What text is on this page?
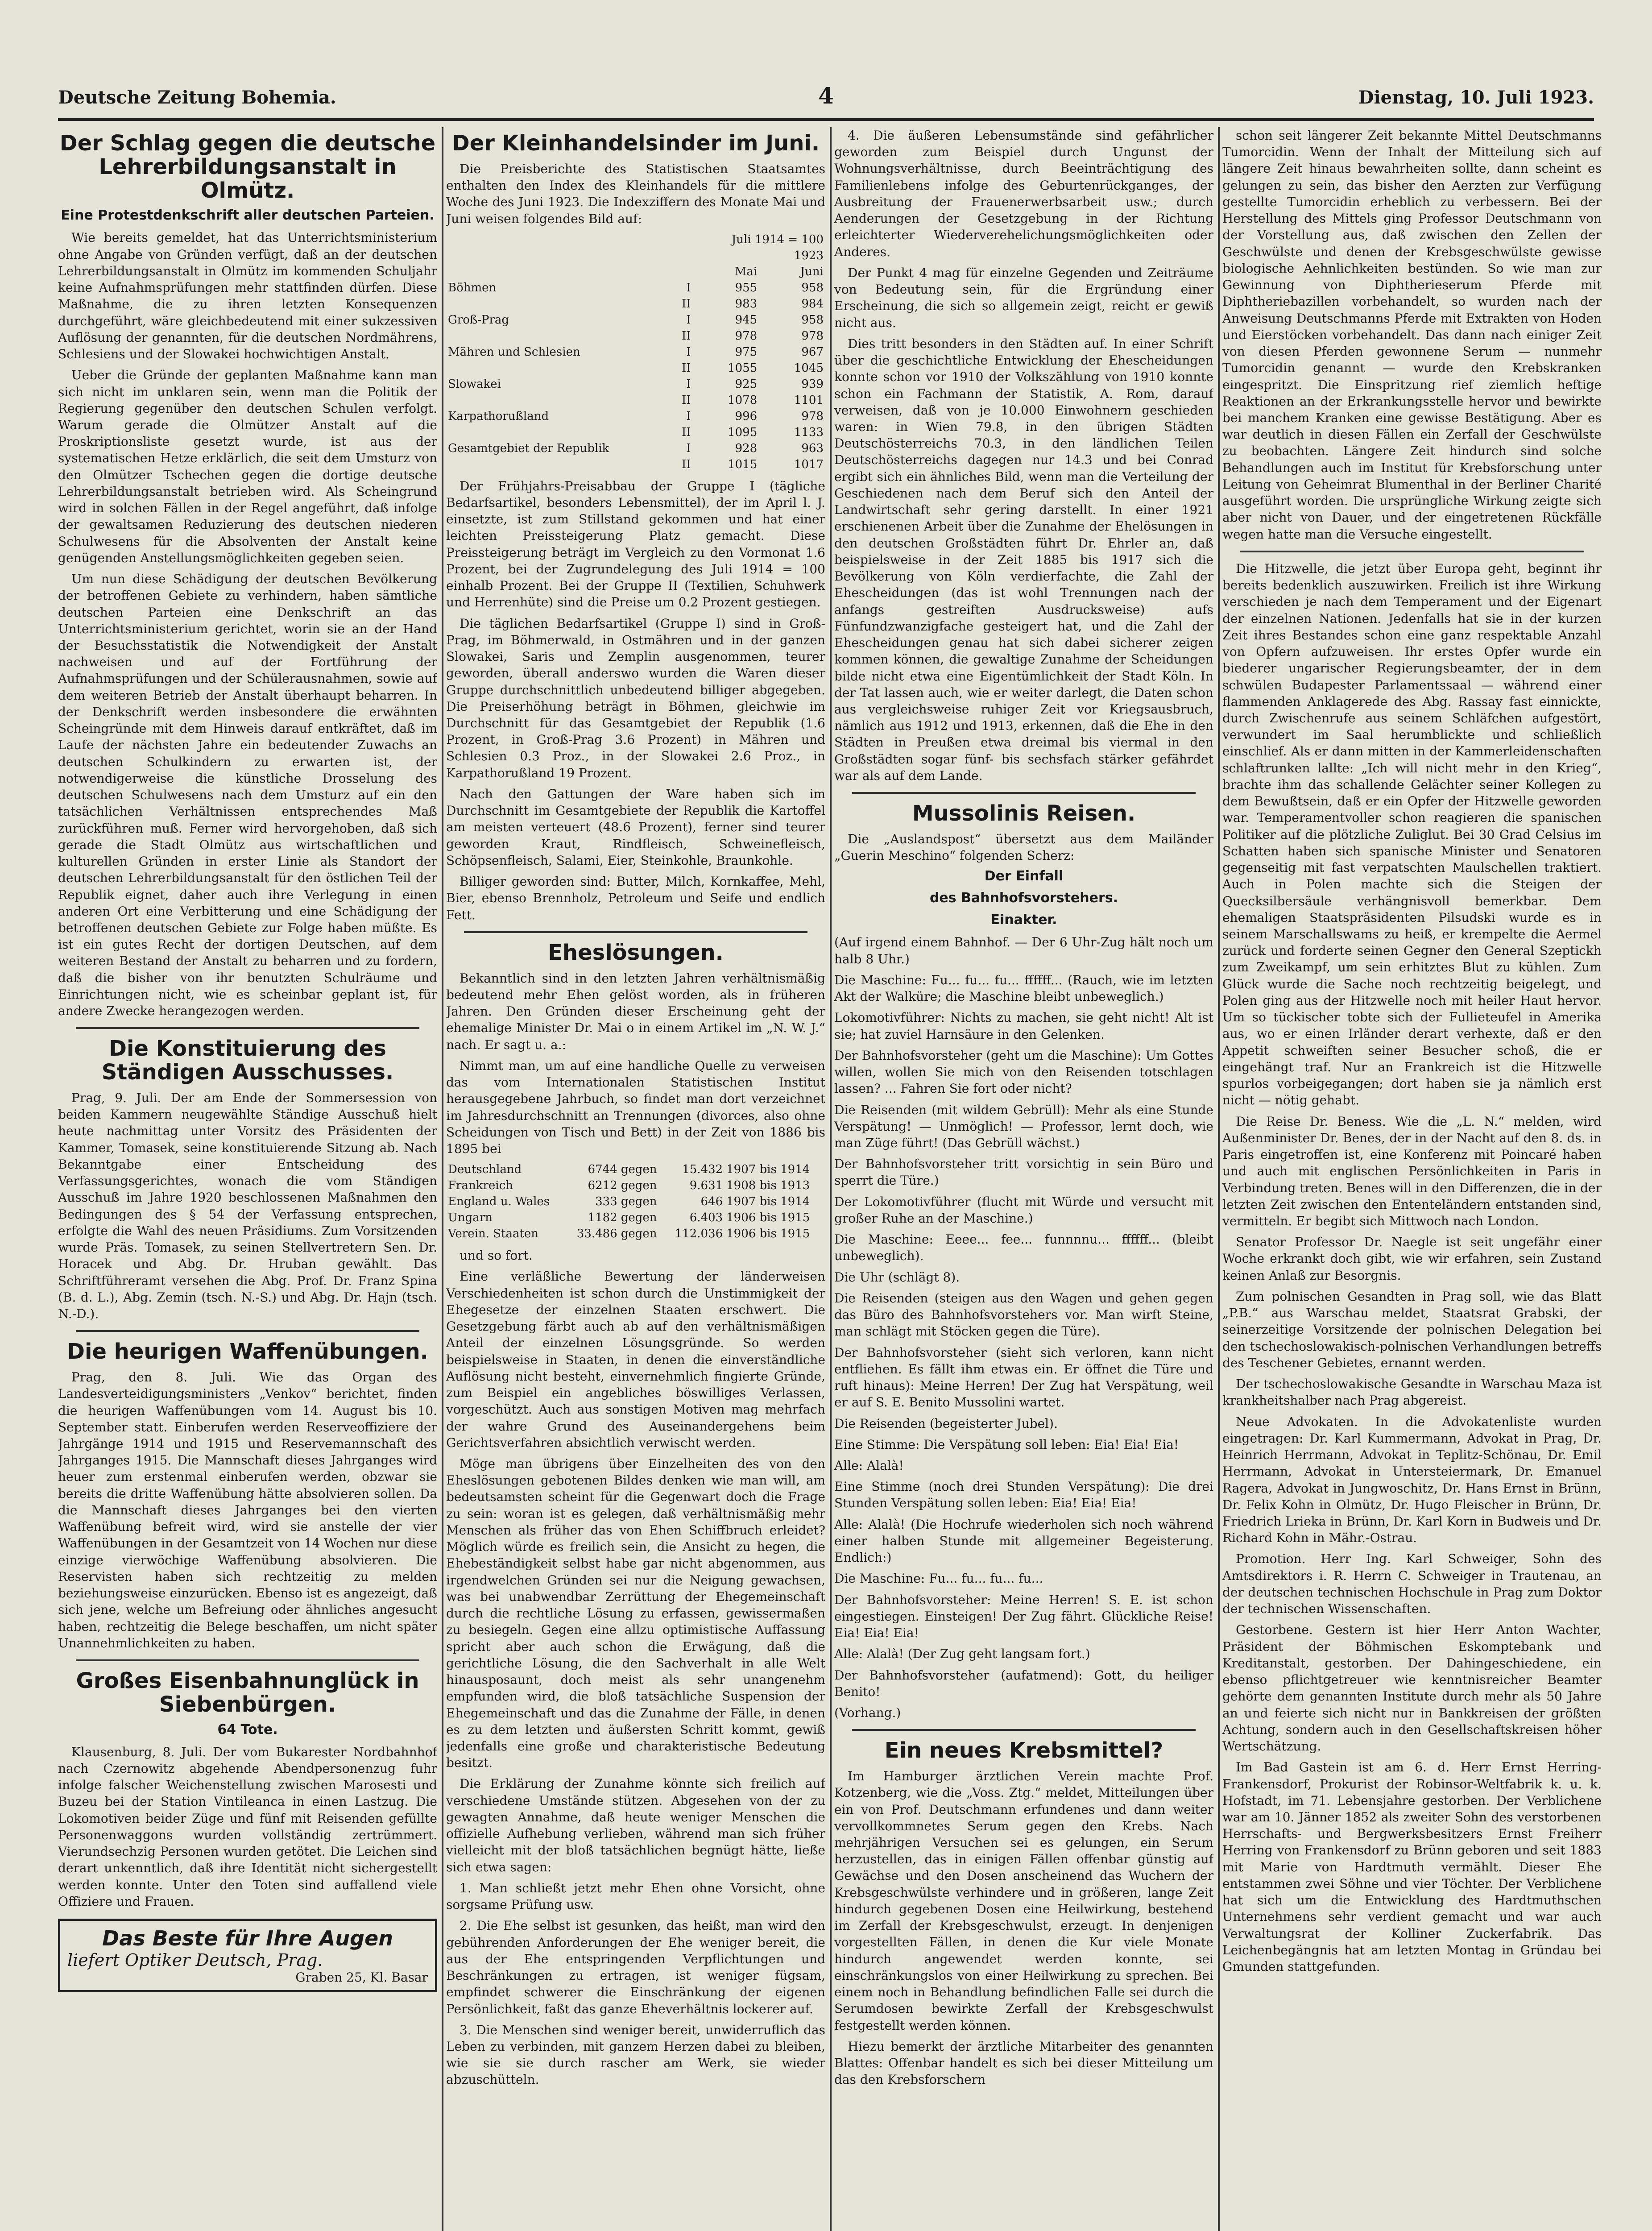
Deutsche Zeitung Bohemia.	4	Dienstag, 10. Juli 1923.
Der Schlag gegen die deutsche Lehrerbildungsanstalt in Olmütz.
Eine Protestdenkschrift aller deutschen Parteien.

Wie bereits gemeldet, hat das Unterrichtsministerium ohne Angabe von Gründen verfügt, daß an der deutschen Lehrerbildungsanstalt in Olmütz im kommenden Schuljahr keine Aufnahmsprüfungen mehr stattfinden dürfen. Diese Maßnahme, die zu ihren letzten Konsequenzen durchgeführt, wäre gleichbedeutend mit einer sukzessiven Auflösung der genannten, für die deutschen Nordmährens, Schlesiens und der Slowakei hochwichtigen Anstalt.

Ueber die Gründe der geplanten Maßnahme kann man sich nicht im unklaren sein, wenn man die Politik der Regierung gegenüber den deutschen Schulen verfolgt. Warum gerade die Olmützer Anstalt auf die Proskriptionsliste gesetzt wurde, ist aus der systematischen Hetze erklärlich, die seit dem Umsturz von den Olmützer Tschechen gegen die dortige deutsche Lehrerbildungsanstalt betrieben wird. Als Scheingrund wird in solchen Fällen in der Regel angeführt, daß infolge der gewaltsamen Reduzierung des deutschen niederen Schulwesens für die Absolventen der Anstalt keine genügenden Anstellungsmöglichkeiten gegeben seien.

Um nun diese Schädigung der deutschen Bevölkerung der betroffenen Gebiete zu verhindern, haben sämtliche deutschen Parteien eine Denkschrift an das Unterrichtsministerium gerichtet, worin sie an der Hand der Besuchsstatistik die Notwendigkeit der Anstalt nachweisen und auf der Fortführung der Aufnahmsprüfungen und der Schülerausnahmen, sowie auf dem weiteren Betrieb der Anstalt überhaupt beharren. In der Denkschrift werden insbesondere die erwähnten Scheingründe mit dem Hinweis darauf entkräftet, daß im Laufe der nächsten Jahre ein bedeutender Zuwachs an deutschen Schulkindern zu erwarten ist, der notwendigerweise die künstliche Drosselung des deutschen Schulwesens nach dem Umsturz auf ein den tatsächlichen Verhältnissen entsprechendes Maß zurückführen muß. Ferner wird hervorgehoben, daß sich gerade die Stadt Olmütz aus wirtschaftlichen und kulturellen Gründen in erster Linie als Standort der deutschen Lehrerbildungsanstalt für den östlichen Teil der Republik eignet, daher auch ihre Verlegung in einen anderen Ort eine Verbitterung und eine Schädigung der betroffenen deutschen Gebiete zur Folge haben müßte. Es ist ein gutes Recht der dortigen Deutschen, auf dem weiteren Bestand der Anstalt zu beharren und zu fordern, daß die bisher von ihr benutzten Schulräume und Einrichtungen nicht, wie es scheinbar geplant ist, für andere Zwecke herangezogen werden.

Die Konstituierung des Ständigen Ausschusses.

Prag, 9. Juli. Der am Ende der Sommersession von beiden Kammern neugewählte Ständige Ausschuß hielt heute nachmittag unter Vorsitz des Präsidenten der Kammer, Tomasek, seine konstituierende Sitzung ab. Nach Bekanntgabe einer Entscheidung des Verfassungsgerichtes, wonach die vom Ständigen Ausschuß im Jahre 1920 beschlossenen Maßnahmen den Bedingungen des § 54 der Verfassung entsprechen, erfolgte die Wahl des neuen Präsidiums. Zum Vorsitzenden wurde Präs. Tomasek, zu seinen Stellvertretern Sen. Dr. Horacek und Abg. Dr. Hruban gewählt. Das Schriftführeramt versehen die Abg. Prof. Dr. Franz Spina (B. d. L.), Abg. Zemin (tsch. N.-S.) und Abg. Dr. Hajn (tsch. N.-D.).

Die heurigen Waffenübungen.

Prag, den 8. Juli. Wie das Organ des Landesverteidigungsministers „Venkov“ berichtet, finden die heurigen Waffenübungen vom 14. August bis 10. September statt. Einberufen werden Reserveoffiziere der Jahrgänge 1914 und 1915 und Reservemannschaft des Jahrganges 1915. Die Mannschaft dieses Jahrganges wird heuer zum erstenmal einberufen werden, obzwar sie bereits die dritte Waffenübung hätte absolvieren sollen. Da die Mannschaft dieses Jahrganges bei den vierten Waffenübung befreit wird, wird sie anstelle der vier Waffenübungen in der Gesamtzeit von 14 Wochen nur diese einzige vierwöchige Waffenübung absolvieren. Die Reservisten haben sich rechtzeitig zu melden beziehungsweise einzurücken. Ebenso ist es angezeigt, daß sich jene, welche um Befreiung oder ähnliches angesucht haben, rechtzeitig die Belege beschaffen, um nicht später Unannehmlichkeiten zu haben.

Großes Eisenbahnunglück in Siebenbürgen.
64 Tote.

Klausenburg, 8. Juli. Der vom Bukarester Nordbahnhof nach Czernowitz abgehende Abendpersonenzug fuhr infolge falscher Weichenstellung zwischen Marosesti und Buzeu bei der Station Vintileanca in einen Lastzug. Die Lokomotiven beider Züge und fünf mit Reisenden gefüllte Personenwaggons wurden vollständig zertrümmert. Vierundsechzig Personen wurden getötet. Die Leichen sind derart unkenntlich, daß ihre Identität nicht sichergestellt werden konnte. Unter den Toten sind auffallend viele Offiziere und Frauen.

Das Beste für Ihre Augen
liefert Optiker Deutsch, Prag.
Graben 25, Kl. Basar
Der Kleinhandelsinder im Juni.

Die Preisberichte des Statistischen Staatsamtes enthalten den Index des Kleinhandels für die mittlere Woche des Juni 1923. Die Indexziffern des Monate Mai und Juni weisen folgendes Bild auf:

		Juli 1914 = 100	
		1923	
		Mai	Juni
Böhmen	I	955	958
	II	983	984
Groß-Prag	I	945	958
	II	978	978
Mähren und Schlesien	I	975	967
	II	1055	1045
Slowakei	I	925	939
	II	1078	1101
Karpathorußland	I	996	978
	II	1095	1133
Gesamtgebiet der Republik	I	928	963
	II	1015	1017

Der Frühjahrs-Preisabbau der Gruppe I (tägliche Bedarfsartikel, besonders Lebensmittel), der im April l. J. einsetzte, ist zum Stillstand gekommen und hat einer leichten Preissteigerung Platz gemacht. Diese Preissteigerung beträgt im Vergleich zu den Vormonat 1.6 Prozent, bei der Zugrundelegung des Juli 1914 = 100 einhalb Prozent. Bei der Gruppe II (Textilien, Schuhwerk und Herrenhüte) sind die Preise um 0.2 Prozent gestiegen.

Die täglichen Bedarfsartikel (Gruppe I) sind in Groß-Prag, im Böhmerwald, in Ostmähren und in der ganzen Slowakei, Saris und Zemplin ausgenommen, teurer geworden, überall anderswo wurden die Waren dieser Gruppe durchschnittlich unbedeutend billiger abgegeben. Die Preiserhöhung beträgt in Böhmen, gleichwie im Durchschnitt für das Gesamtgebiet der Republik (1.6 Prozent, in Groß-Prag 3.6 Prozent) in Mähren und Schlesien 0.3 Proz., in der Slowakei 2.6 Proz., in Karpathorußland 19 Prozent.

Nach den Gattungen der Ware haben sich im Durchschnitt im Gesamtgebiete der Republik die Kartoffel am meisten verteuert (48.6 Prozent), ferner sind teurer geworden Kraut, Rindfleisch, Schweinefleisch, Schöpsenfleisch, Salami, Eier, Steinkohle, Braunkohle.

Billiger geworden sind: Butter, Milch, Kornkaffee, Mehl, Bier, ebenso Brennholz, Petroleum und Seife und endlich Fett.

Eheslösungen.

Bekanntlich sind in den letzten Jahren verhältnismäßig bedeutend mehr Ehen gelöst worden, als in früheren Jahren. Den Gründen dieser Erscheinung geht der ehemalige Minister Dr. Mai o in einem Artikel im „N. W. J.“ nach. Er sagt u. a.:

Nimmt man, um auf eine handliche Quelle zu verweisen das vom Internationalen Statistischen Institut herausgegebene Jahrbuch, so findet man dort verzeichnet im Jahresdurchschnitt an Trennungen (divorces, also ohne Scheidungen von Tisch und Bett) in der Zeit von 1886 bis 1895 bei

Deutschland	6744	gegen	15.432	1907 bis 1914
Frankreich	6212	gegen	9.631	1908 bis 1913
England u. Wales	333	gegen	646	1907 bis 1914
Ungarn	1182	gegen	6.403	1906 bis 1915
Verein. Staaten	33.486	gegen	112.036	1906 bis 1915

und so fort.

Eine verläßliche Bewertung der länderweisen Verschiedenheiten ist schon durch die Unstimmigkeit der Ehegesetze der einzelnen Staaten erschwert. Die Gesetzgebung färbt auch ab auf den verhältnismäßigen Anteil der einzelnen Lösungsgründe. So werden beispielsweise in Staaten, in denen die einverständliche Auflösung nicht besteht, einvernehmlich fingierte Gründe, zum Beispiel ein angebliches böswilliges Verlassen, vorgeschützt. Auch aus sonstigen Motiven mag mehrfach der wahre Grund des Auseinandergehens beim Gerichtsverfahren absichtlich verwischt werden.

Möge man übrigens über Einzelheiten des von den Eheslösungen gebotenen Bildes denken wie man will, am bedeutsamsten scheint für die Gegenwart doch die Frage zu sein: woran ist es gelegen, daß verhältnismäßig mehr Menschen als früher das von Ehen Schiffbruch erleidet? Möglich würde es freilich sein, die Ansicht zu hegen, die Ehebeständigkeit selbst habe gar nicht abgenommen, aus irgendwelchen Gründen sei nur die Neigung gewachsen, was bei unabwendbar Zerrüttung der Ehegemeinschaft durch die rechtliche Lösung zu erfassen, gewissermaßen zu besiegeln. Gegen eine allzu optimistische Auffassung spricht aber auch schon die Erwägung, daß die gerichtliche Lösung, die den Sachverhalt in alle Welt hinausposaunt, doch meist als sehr unangenehm empfunden wird, die bloß tatsächliche Suspension der Ehegemeinschaft und das die Zunahme der Fälle, in denen es zu dem letzten und äußersten Schritt kommt, gewiß jedenfalls eine große und charakteristische Bedeutung besitzt.

Die Erklärung der Zunahme könnte sich freilich auf verschiedene Umstände stützen. Abgesehen von der zu gewagten Annahme, daß heute weniger Menschen die offizielle Aufhebung verlieben, während man sich früher vielleicht mit der bloß tatsächlichen begnügt hätte, ließe sich etwa sagen:

1. Man schließt jetzt mehr Ehen ohne Vorsicht, ohne sorgsame Prüfung usw.

2. Die Ehe selbst ist gesunken, das heißt, man wird den gebührenden Anforderungen der Ehe weniger bereit, die aus der Ehe entspringenden Verpflichtungen und Beschränkungen zu ertragen, ist weniger fügsam, empfindet schwerer die Einschränkung der eigenen Persönlichkeit, faßt das ganze Eheverhältnis lockerer auf.

3. Die Menschen sind weniger bereit, unwiderruflich das Leben zu verbinden, mit ganzem Herzen dabei zu bleiben, wie sie sie durch rascher am Werk, sie wieder abzuschütteln.

4. Die äußeren Lebensumstände sind gefährlicher geworden zum Beispiel durch Ungunst der Wohnungsverhältnisse, durch Beeinträchtigung des Familienlebens infolge des Geburtenrückganges, der Ausbreitung der Frauenerwerbsarbeit usw.; durch Aenderungen der Gesetzgebung in der Richtung erleichterter Wiederverehelichungsmöglichkeiten oder Anderes.

Der Punkt 4 mag für einzelne Gegenden und Zeiträume von Bedeutung sein, für die Ergründung einer Erscheinung, die sich so allgemein zeigt, reicht er gewiß nicht aus.

Dies tritt besonders in den Städten auf. In einer Schrift über die geschichtliche Entwicklung der Ehescheidungen konnte schon vor 1910 der Volkszählung von 1910 konnte schon ein Fachmann der Statistik, A. Rom, darauf verweisen, daß von je 10.000 Einwohnern geschieden waren: in Wien 79.8, in den übrigen Städten Deutschösterreichs 70.3, in den ländlichen Teilen Deutschösterreichs dagegen nur 14.3 und bei Conrad ergibt sich ein ähnliches Bild, wenn man die Verteilung der Geschiedenen nach dem Beruf sich den Anteil der Landwirtschaft sehr gering darstellt. In einer 1921 erschienenen Arbeit über die Zunahme der Ehelösungen in den deutschen Großstädten führt Dr. Ehrler an, daß beispielsweise in der Zeit 1885 bis 1917 sich die Bevölkerung von Köln verdierfachte, die Zahl der Ehescheidungen (das ist wohl Trennungen nach der anfangs gestreiften Ausdrucksweise) aufs Fünfundzwanzigfache gesteigert hat, und die Zahl der Ehescheidungen genau hat sich dabei sicherer zeigen kommen können, die gewaltige Zunahme der Scheidungen bilde nicht etwa eine Eigentümlichkeit der Stadt Köln. In der Tat lassen auch, wie er weiter darlegt, die Daten schon aus vergleichsweise ruhiger Zeit vor Kriegsausbruch, nämlich aus 1912 und 1913, erkennen, daß die Ehe in den Städten in Preußen etwa dreimal bis viermal in den Großstädten sogar fünf- bis sechsfach stärker gefährdet war als auf dem Lande.

Mussolinis Reisen.

Die „Auslandspost“ übersetzt aus dem Mailänder „Guerin Meschino“ folgenden Scherz:

Der Einfall
des Bahnhofsvorstehers.
Einakter.

(Auf irgend einem Bahnhof. — Der 6 Uhr-Zug hält noch um halb 8 Uhr.)

Die Maschine: Fu... fu... fu... ffffff... (Rauch, wie im letzten Akt der Walküre; die Maschine bleibt unbeweglich.)

Lokomotivführer: Nichts zu machen, sie geht nicht! Alt ist sie; hat zuviel Harnsäure in den Gelenken.

Der Bahnhofsvorsteher (geht um die Maschine): Um Gottes willen, wollen Sie mich von den Reisenden totschlagen lassen? ... Fahren Sie fort oder nicht?

Die Reisenden (mit wildem Gebrüll): Mehr als eine Stunde Verspätung! — Unmöglich! — Professor, lernt doch, wie man Züge führt! (Das Gebrüll wächst.)

Der Bahnhofsvorsteher tritt vorsichtig in sein Büro und sperrt die Türe.)

Der Lokomotivführer (flucht mit Würde und versucht mit großer Ruhe an der Maschine.)

Die Maschine: Eeee... fee... funnnnu... ffffff... (bleibt unbeweglich).

Die Uhr (schlägt 8).

Die Reisenden (steigen aus den Wagen und gehen gegen das Büro des Bahnhofsvorstehers vor. Man wirft Steine, man schlägt mit Stöcken gegen die Türe).

Der Bahnhofsvorsteher (sieht sich verloren, kann nicht entfliehen. Es fällt ihm etwas ein. Er öffnet die Türe und ruft hinaus): Meine Herren! Der Zug hat Verspätung, weil er auf S. E. Benito Mussolini wartet.

Die Reisenden (begeisterter Jubel).

Eine Stimme: Die Verspätung soll leben: Eia! Eia! Eia!

Alle: Alalà!

Eine Stimme (noch drei Stunden Verspätung): Die drei Stunden Verspätung sollen leben: Eia! Eia! Eia!

Alle: Alalà! (Die Hochrufe wiederholen sich noch während einer halben Stunde mit allgemeiner Begeisterung. Endlich:)

Die Maschine: Fu... fu... fu... fu...

Der Bahnhofsvorsteher: Meine Herren! S. E. ist schon eingestiegen. Einsteigen! Der Zug fährt. Glückliche Reise! Eia! Eia! Eia!

Alle: Alalà! (Der Zug geht langsam fort.)

Der Bahnhofsvorsteher (aufatmend): Gott, du heiliger Benito!

(Vorhang.)

Ein neues Krebsmittel?

Im Hamburger ärztlichen Verein machte Prof. Kotzenberg, wie die „Voss. Ztg.“ meldet, Mitteilungen über ein von Prof. Deutschmann erfundenes und dann weiter vervollkommnetes Serum gegen den Krebs. Nach mehrjährigen Versuchen sei es gelungen, ein Serum herzustellen, das in einigen Fällen offenbar günstig auf Gewächse und den Dosen anscheinend das Wuchern der Krebsgeschwülste verhindere und in größeren, lange Zeit hindurch gegebenen Dosen eine Heilwirkung, bestehend im Zerfall der Krebsgeschwulst, erzeugt. In denjenigen vorgestellten Fällen, in denen die Kur viele Monate hindurch angewendet werden konnte, sei einschränkungslos von einer Heilwirkung zu sprechen. Bei einem noch in Behandlung befindlichen Falle sei durch die Serumdosen bewirkte Zerfall der Krebsgeschwulst festgestellt werden können.

Hiezu bemerkt der ärztliche Mitarbeiter des genannten Blattes: Offenbar handelt es sich bei dieser Mitteilung um das den Krebsforschern

schon seit längerer Zeit bekannte Mittel Deutschmanns Tumorcidin. Wenn der Inhalt der Mitteilung sich auf längere Zeit hinaus bewahrheiten sollte, dann scheint es gelungen zu sein, das bisher den Aerzten zur Verfügung gestellte Tumorcidin erheblich zu verbessern. Bei der Herstellung des Mittels ging Professor Deutschmann von der Vorstellung aus, daß zwischen den Zellen der Geschwülste und denen der Krebsgeschwülste gewisse biologische Aehnlichkeiten bestünden. So wie man zur Gewinnung von Diphtherieserum Pferde mit Diphtheriebazillen vorbehandelt, so wurden nach der Anweisung Deutschmanns Pferde mit Extrakten von Hoden und Eierstöcken vorbehandelt. Das dann nach einiger Zeit von diesen Pferden gewonnene Serum — nunmehr Tumorcidin genannt — wurde den Krebskranken eingespritzt. Die Einspritzung rief ziemlich heftige Reaktionen an der Erkrankungsstelle hervor und bewirkte bei manchem Kranken eine gewisse Bestätigung. Aber es war deutlich in diesen Fällen ein Zerfall der Geschwülste zu beobachten. Längere Zeit hindurch sind solche Behandlungen auch im Institut für Krebsforschung unter Leitung von Geheimrat Blumenthal in der Berliner Charité ausgeführt worden. Die ursprüngliche Wirkung zeigte sich aber nicht von Dauer, und der eingetretenen Rückfälle wegen hatte man die Versuche eingestellt.

Die Hitzwelle, die jetzt über Europa geht, beginnt ihr bereits bedenklich auszuwirken. Freilich ist ihre Wirkung verschieden je nach dem Temperament und der Eigenart der einzelnen Nationen. Jedenfalls hat sie in der kurzen Zeit ihres Bestandes schon eine ganz respektable Anzahl von Opfern aufzuweisen. Ihr erstes Opfer wurde ein biederer ungarischer Regierungsbeamter, der in dem schwülen Budapester Parlamentssaal — während einer flammenden Anklagerede des Abg. Rassay fast einnickte, durch Zwischenrufe aus seinem Schläfchen aufgestört, verwundert im Saal herumblickte und schließlich einschlief. Als er dann mitten in der Kammerleidenschaften schlaftrunken lallte: „Ich will nicht mehr in den Krieg“, brachte ihm das schallende Gelächter seiner Kollegen zu dem Bewußtsein, daß er ein Opfer der Hitzwelle geworden war. Temperamentvoller schon reagieren die spanischen Politiker auf die plötzliche Zuliglut. Bei 30 Grad Celsius im Schatten haben sich spanische Minister und Senatoren gegenseitig mit fast verpatschten Maulschellen traktiert. Auch in Polen machte sich die Steigen der Quecksilbersäule verhängnisvoll bemerkbar. Dem ehemaligen Staatspräsidenten Pilsudski wurde es in seinem Marschallswams zu heiß, er krempelte die Aermel zurück und forderte seinen Gegner den General Szeptickh zum Zweikampf, um sein erhitztes Blut zu kühlen. Zum Glück wurde die Sache noch rechtzeitig beigelegt, und Polen ging aus der Hitzwelle noch mit heiler Haut hervor. Um so tückischer tobte sich der Fullieteufel in Amerika aus, wo er einen Irländer derart verhexte, daß er den Appetit schweiften seiner Besucher schoß, die er eingehängt traf. Nur an Frankreich ist die Hitzwelle spurlos vorbeigegangen; dort haben sie ja nämlich erst nicht — nötig gehabt.

Die Reise Dr. Beness. Wie die „L. N.“ melden, wird Außenminister Dr. Benes, der in der Nacht auf den 8. ds. in Paris eingetroffen ist, eine Konferenz mit Poincaré haben und auch mit englischen Persönlichkeiten in Paris in Verbindung treten. Benes will in den Differenzen, die in der letzten Zeit zwischen den Ententeländern entstanden sind, vermitteln. Er begibt sich Mittwoch nach London.

Senator Professor Dr. Naegle ist seit ungefähr einer Woche erkrankt doch gibt, wie wir erfahren, sein Zustand keinen Anlaß zur Besorgnis.

Zum polnischen Gesandten in Prag soll, wie das Blatt „P.B.“ aus Warschau meldet, Staatsrat Grabski, der seinerzeitige Vorsitzende der polnischen Delegation bei den tschechoslowakisch-polnischen Verhandlungen betreffs des Teschener Gebietes, ernannt werden.

Der tschechoslowakische Gesandte in Warschau Maza ist krankheitshalber nach Prag abgereist.

Neue Advokaten. In die Advokatenliste wurden eingetragen: Dr. Karl Kummermann, Advokat in Prag, Dr. Heinrich Herrmann, Advokat in Teplitz-Schönau, Dr. Emil Herrmann, Advokat in Untersteiermark, Dr. Emanuel Ragera, Advokat in Jungwoschitz, Dr. Hans Ernst in Brünn, Dr. Felix Kohn in Olmütz, Dr. Hugo Fleischer in Brünn, Dr. Friedrich Lrieka in Brünn, Dr. Karl Korn in Budweis und Dr. Richard Kohn in Mähr.-Ostrau.

Promotion. Herr Ing. Karl Schweiger, Sohn des Amtsdirektors i. R. Herrn C. Schweiger in Trautenau, an der deutschen technischen Hochschule in Prag zum Doktor der technischen Wissenschaften.

Gestorbene. Gestern ist hier Herr Anton Wachter, Präsident der Böhmischen Eskomptebank und Kreditanstalt, gestorben. Der Dahingeschiedene, ein ebenso pflichtgetreuer wie kenntnisreicher Beamter gehörte dem genannten Institute durch mehr als 50 Jahre an und feierte sich nicht nur in Bankkreisen der größten Achtung, sondern auch in den Gesellschaftskreisen höher Wertschätzung.

Im Bad Gastein ist am 6. d. Herr Ernst Herring-Frankensdorf, Prokurist der Robinsor-Weltfabrik k. u. k. Hofstadt, im 71. Lebensjahre gestorben. Der Verblichene war am 10. Jänner 1852 als zweiter Sohn des verstorbenen Herrschafts- und Bergwerksbesitzers Ernst Freiherr Herring von Frankensdorf zu Brünn geboren und seit 1883 mit Marie von Hardtmuth vermählt. Dieser Ehe entstammen zwei Söhne und vier Töchter. Der Verblichene hat sich um die Entwicklung des Hardtmuthschen Unternehmens sehr verdient gemacht und war auch Verwaltungsrat der Kolliner Zuckerfabrik. Das Leichenbegängnis hat am letzten Montag in Gründau bei Gmunden stattgefunden.
